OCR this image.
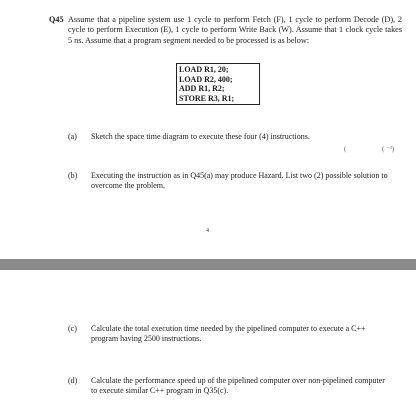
Q45 Assume that a pipeline system use 1 cycle to perform Fetch (F), 1 cycle to perform Decode (D), 2 cycle to perform Execution (E), 1 cycle to perform Write Back (W). Assume that 1 clock cycle takes 5 ns. Assume that a program segment needed to be processed is as below:
LOAD R1, 20;
LOAD R2, 400;
ADD R1, R2;
STORE R3, R1;
(a) Sketch the space time diagram to execute these four (4) instructions.
(	( ⁻³)
(b) Executing the instruction as in Q45(a) may produce Hazard. List two (2) possible solution to overcome the problem.
4
(c) Calculate the total execution time needed by the pipelined computer to execute a C++ program having 2500 instructions.
(d) Calculate the performance speed up of the pipelined computer over non-pipelined computer to execute similar C++ program in Q35(c).
